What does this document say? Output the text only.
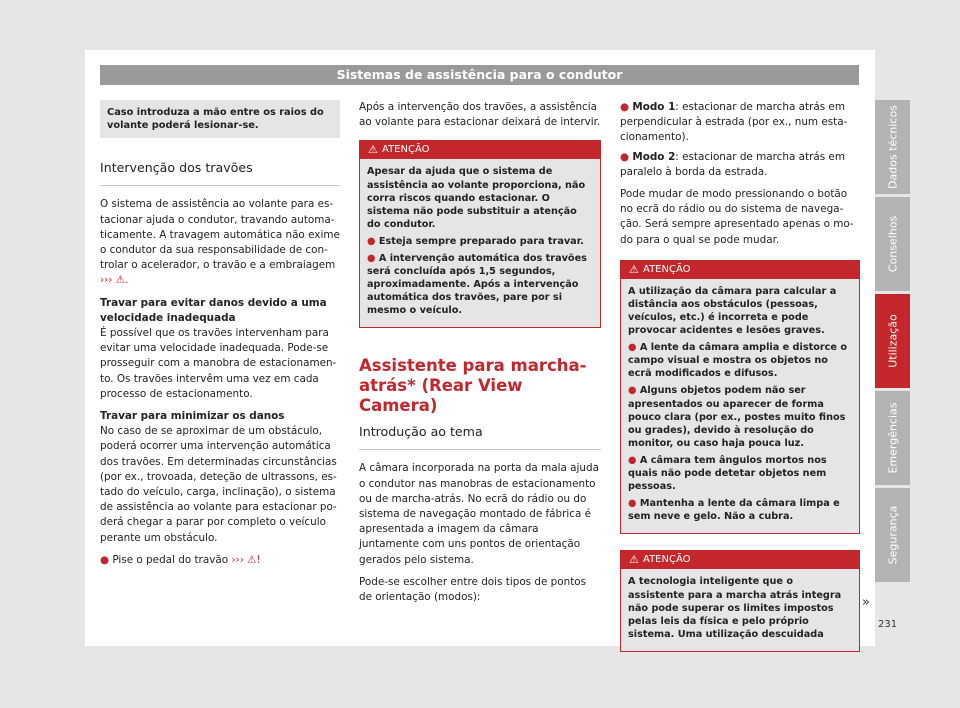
Sistemas de assistência para o condutor
Caso introduza a mão entre os raios do volante poderá lesionar-se.
Intervenção dos travões

O sistema de assistência ao volante para estacionar ajuda o condutor, travando automaticamente. A travagem automática não exime o condutor da sua responsabilidade de controlar o acelerador, o travão e a embraiagem ››› ⚠.

Travar para evitar danos devido a uma velocidade inadequada

É possível que os travões intervenham para evitar uma velocidade inadequada. Pode-se prosseguir com a manobra de estacionamento. Os travões intervêm uma vez em cada processo de estacionamento.

Travar para minimizar os danos

No caso de se aproximar de um obstáculo, poderá ocorrer uma intervenção automática dos travões. Em determinadas circunstâncias (por ex., trovoada, deteção de ultrassons, estado do veículo, carga, inclinação), o sistema de assistência ao volante para estacionar poderá chegar a parar por completo o veículo perante um obstáculo.

● Pise o pedal do travão ››› ⚠!

Após a intervenção dos travões, a assistência ao volante para estacionar deixará de intervir.

⚠ ATENÇÃO

Apesar da ajuda que o sistema de assistência ao volante proporciona, não corra riscos quando estacionar. O sistema não pode substituir a atenção do condutor.

● Esteja sempre preparado para travar.

● A intervenção automática dos travões será concluída após 1,5 segundos, aproximadamente. Após a intervenção automática dos travões, pare por si mesmo o veículo.

Assistente para marcha-atrás* (Rear View Camera)
Introdução ao tema

A câmara incorporada na porta da mala ajuda o condutor nas manobras de estacionamento ou de marcha-atrás. No ecrã do rádio ou do sistema de navegação montado de fábrica é apresentada a imagem da câmara juntamente com uns pontos de orientação gerados pelo sistema.

Pode-se escolher entre dois tipos de pontos de orientação (modos):

● Modo 1: estacionar de marcha atrás em perpendicular à estrada (por ex., num estacionamento).

● Modo 2: estacionar de marcha atrás em paralelo à borda da estrada.

Pode mudar de modo pressionando o botão no ecrã do rádio ou do sistema de navegação. Será sempre apresentado apenas o modo para o qual se pode mudar.

⚠ ATENÇÃO

A utilização da câmara para calcular a distância aos obstáculos (pessoas, veículos, etc.) é incorreta e pode provocar acidentes e lesões graves.

● A lente da câmara amplia e distorce o campo visual e mostra os objetos no ecrã modificados e difusos.

● Alguns objetos podem não ser apresentados ou aparecer de forma pouco clara (por ex., postes muito finos ou grades), devido à resolução do monitor, ou caso haja pouca luz.

● A câmara tem ângulos mortos nos quais não pode detetar objetos nem pessoas.

● Mantenha a lente da câmara limpa e sem neve e gelo. Não a cubra.

⚠ ATENÇÃO

A tecnologia inteligente que o assistente para a marcha atrás integra não pode superar os limites impostos pelas leis da física e pelo próprio sistema. Uma utilização descuidada

»
Dados técnicos
Conselhos
Utilização
Emergências
Segurança
231
